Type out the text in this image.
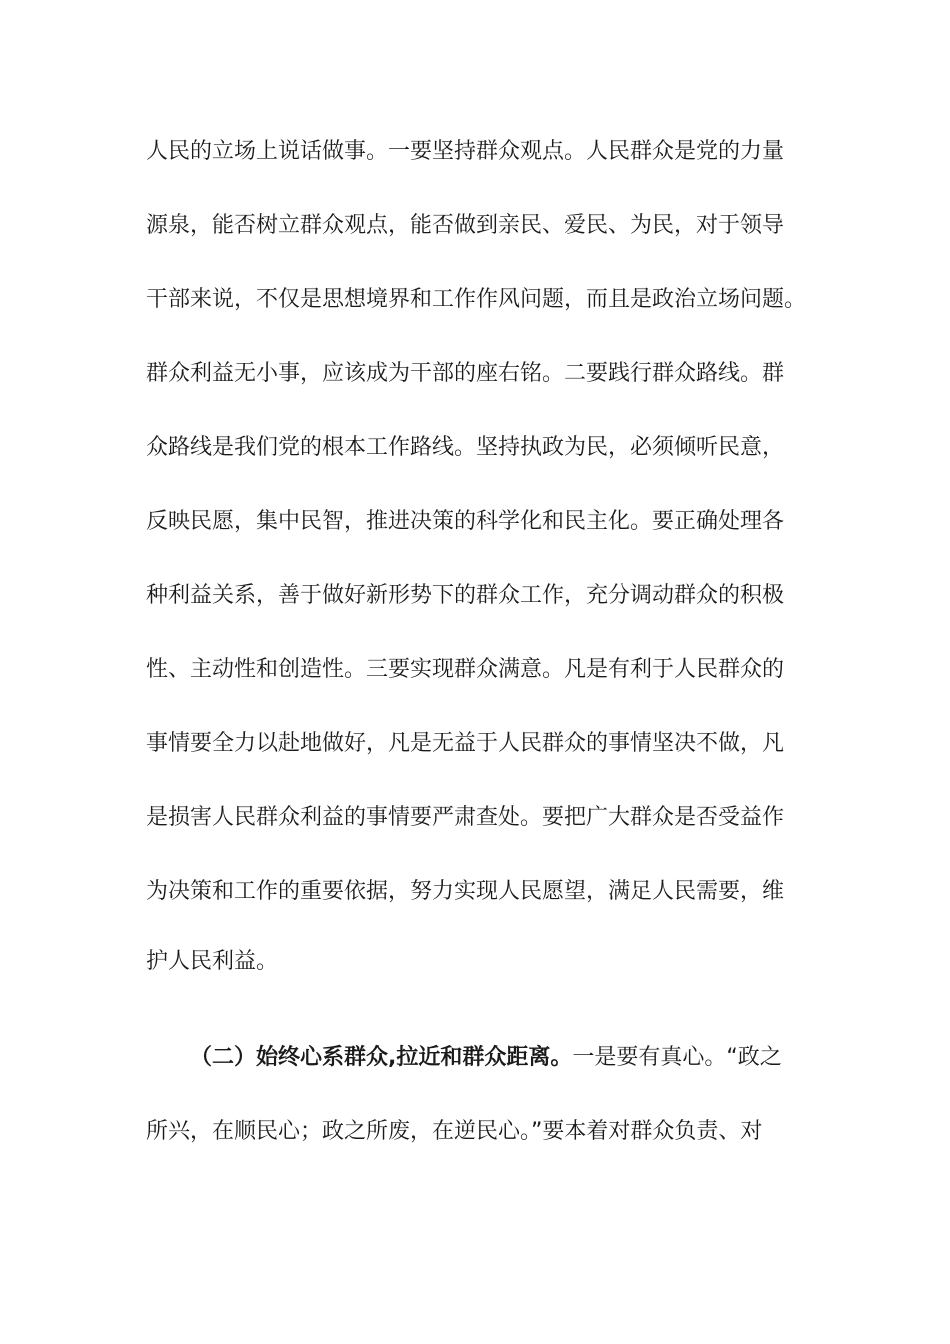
人民的立场上说话做事。一要坚持群众观点。人民群众是党的力量
源泉，能否树立群众观点，能否做到亲民、爱民、为民，对于领导
干部来说，不仅是思想境界和工作作风问题，而且是政治立场问题。
群众利益无小事，应该成为干部的座右铭。二要践行群众路线。群
众路线是我们党的根本工作路线。坚持执政为民，必须倾听民意，
反映民愿，集中民智，推进决策的科学化和民主化。要正确处理各
种利益关系，善于做好新形势下的群众工作，充分调动群众的积极
性、主动性和创造性。三要实现群众满意。凡是有利于人民群众的
事情要全力以赴地做好，凡是无益于人民群众的事情坚决不做，凡
是损害人民群众利益的事情要严肃查处。要把广大群众是否受益作
为决策和工作的重要依据，努力实现人民愿望，满足人民需要，维
护人民利益。
（二）始终心系群众,拉近和群众距离。一是要有真心。“政之
所兴，在顺民心；政之所废，在逆民心。”要本着对群众负责、对
